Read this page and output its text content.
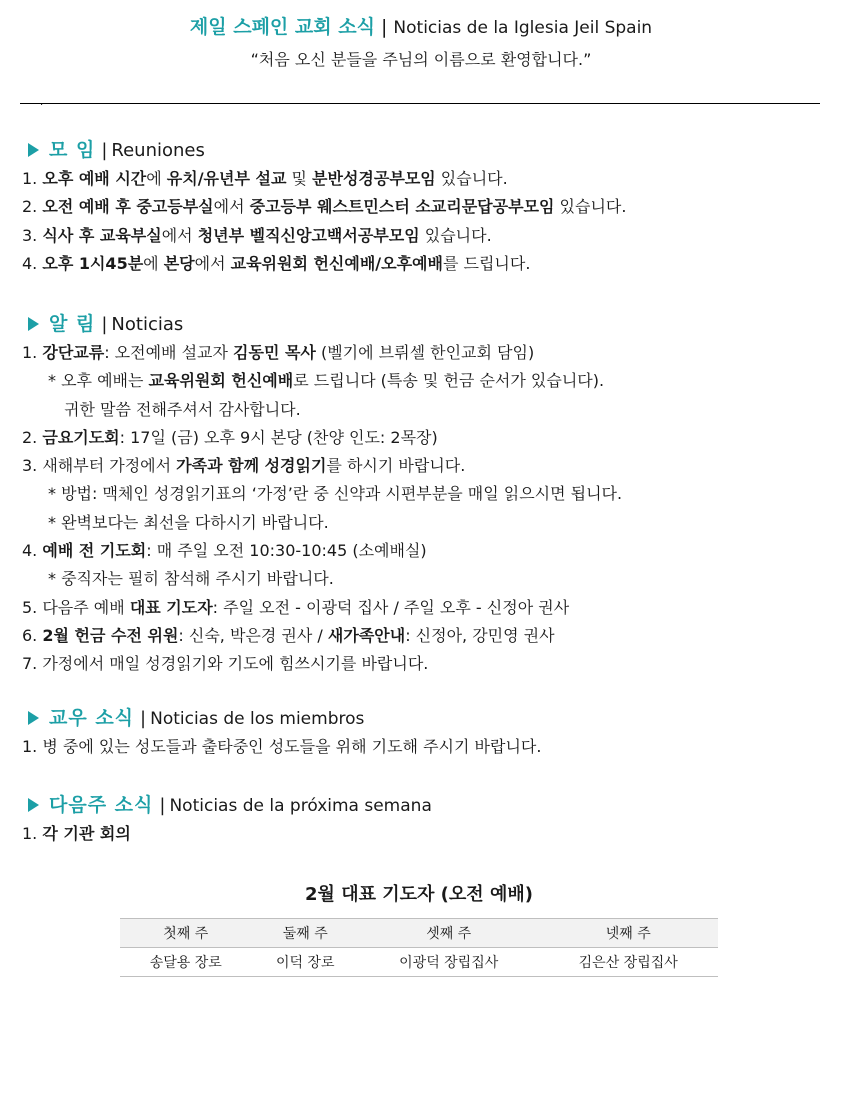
제일 스페인 교회 소식 | Noticias de la Iglesia Jeil Spain
“처음 오신 분들을 주님의 이름으로 환영합니다.”
.
모 임 | Reuniones
1. 오후 예배 시간에 유치/유년부 설교 및 분반성경공부모임 있습니다.
2. 오전 예배 후 중고등부실에서 중고등부 웨스트민스터 소교리문답공부모임 있습니다.
3. 식사 후 교육부실에서 청년부 벨직신앙고백서공부모임 있습니다.
4. 오후 1시45분에 본당에서 교육위원회 헌신예배/오후예배를 드립니다.
알 림 | Noticias
1. 강단교류: 오전예배 설교자 김동민 목사 (벨기에 브뤼셀 한인교회 담임)
* 오후 예배는 교육위원회 헌신예배로 드립니다 (특송 및 헌금 순서가 있습니다).
귀한 말씀 전해주셔서 감사합니다.
2. 금요기도회: 17일 (금) 오후 9시 본당 (찬양 인도: 2목장)
3. 새해부터 가정에서 가족과 함께 성경읽기를 하시기 바랍니다.
* 방법: 맥체인 성경읽기표의 ‘가정’란 중 신약과 시편부분을 매일 읽으시면 됩니다.
* 완벽보다는 최선을 다하시기 바랍니다.
4. 예배 전 기도회: 매 주일 오전 10:30-10:45 (소예배실)
* 중직자는 필히 참석해 주시기 바랍니다.
5. 다음주 예배 대표 기도자: 주일 오전 - 이광덕 집사 / 주일 오후 - 신정아 권사
6. 2월 헌금 수전 위원: 신숙, 박은경 권사 / 새가족안내: 신정아, 강민영 권사
7. 가정에서 매일 성경읽기와 기도에 힘쓰시기를 바랍니다.
교우 소식 | Noticias de los miembros
1. 병 중에 있는 성도들과 출타중인 성도들을 위해 기도해 주시기 바랍니다.
다음주 소식 | Noticias de la próxima semana
1. 각 기관 회의
2월 대표 기도자 (오전 예배)
첫째 주	둘째 주	셋째 주	넷째 주
송달용 장로	이덕 장로	이광덕 장립집사	김은산 장립집사
